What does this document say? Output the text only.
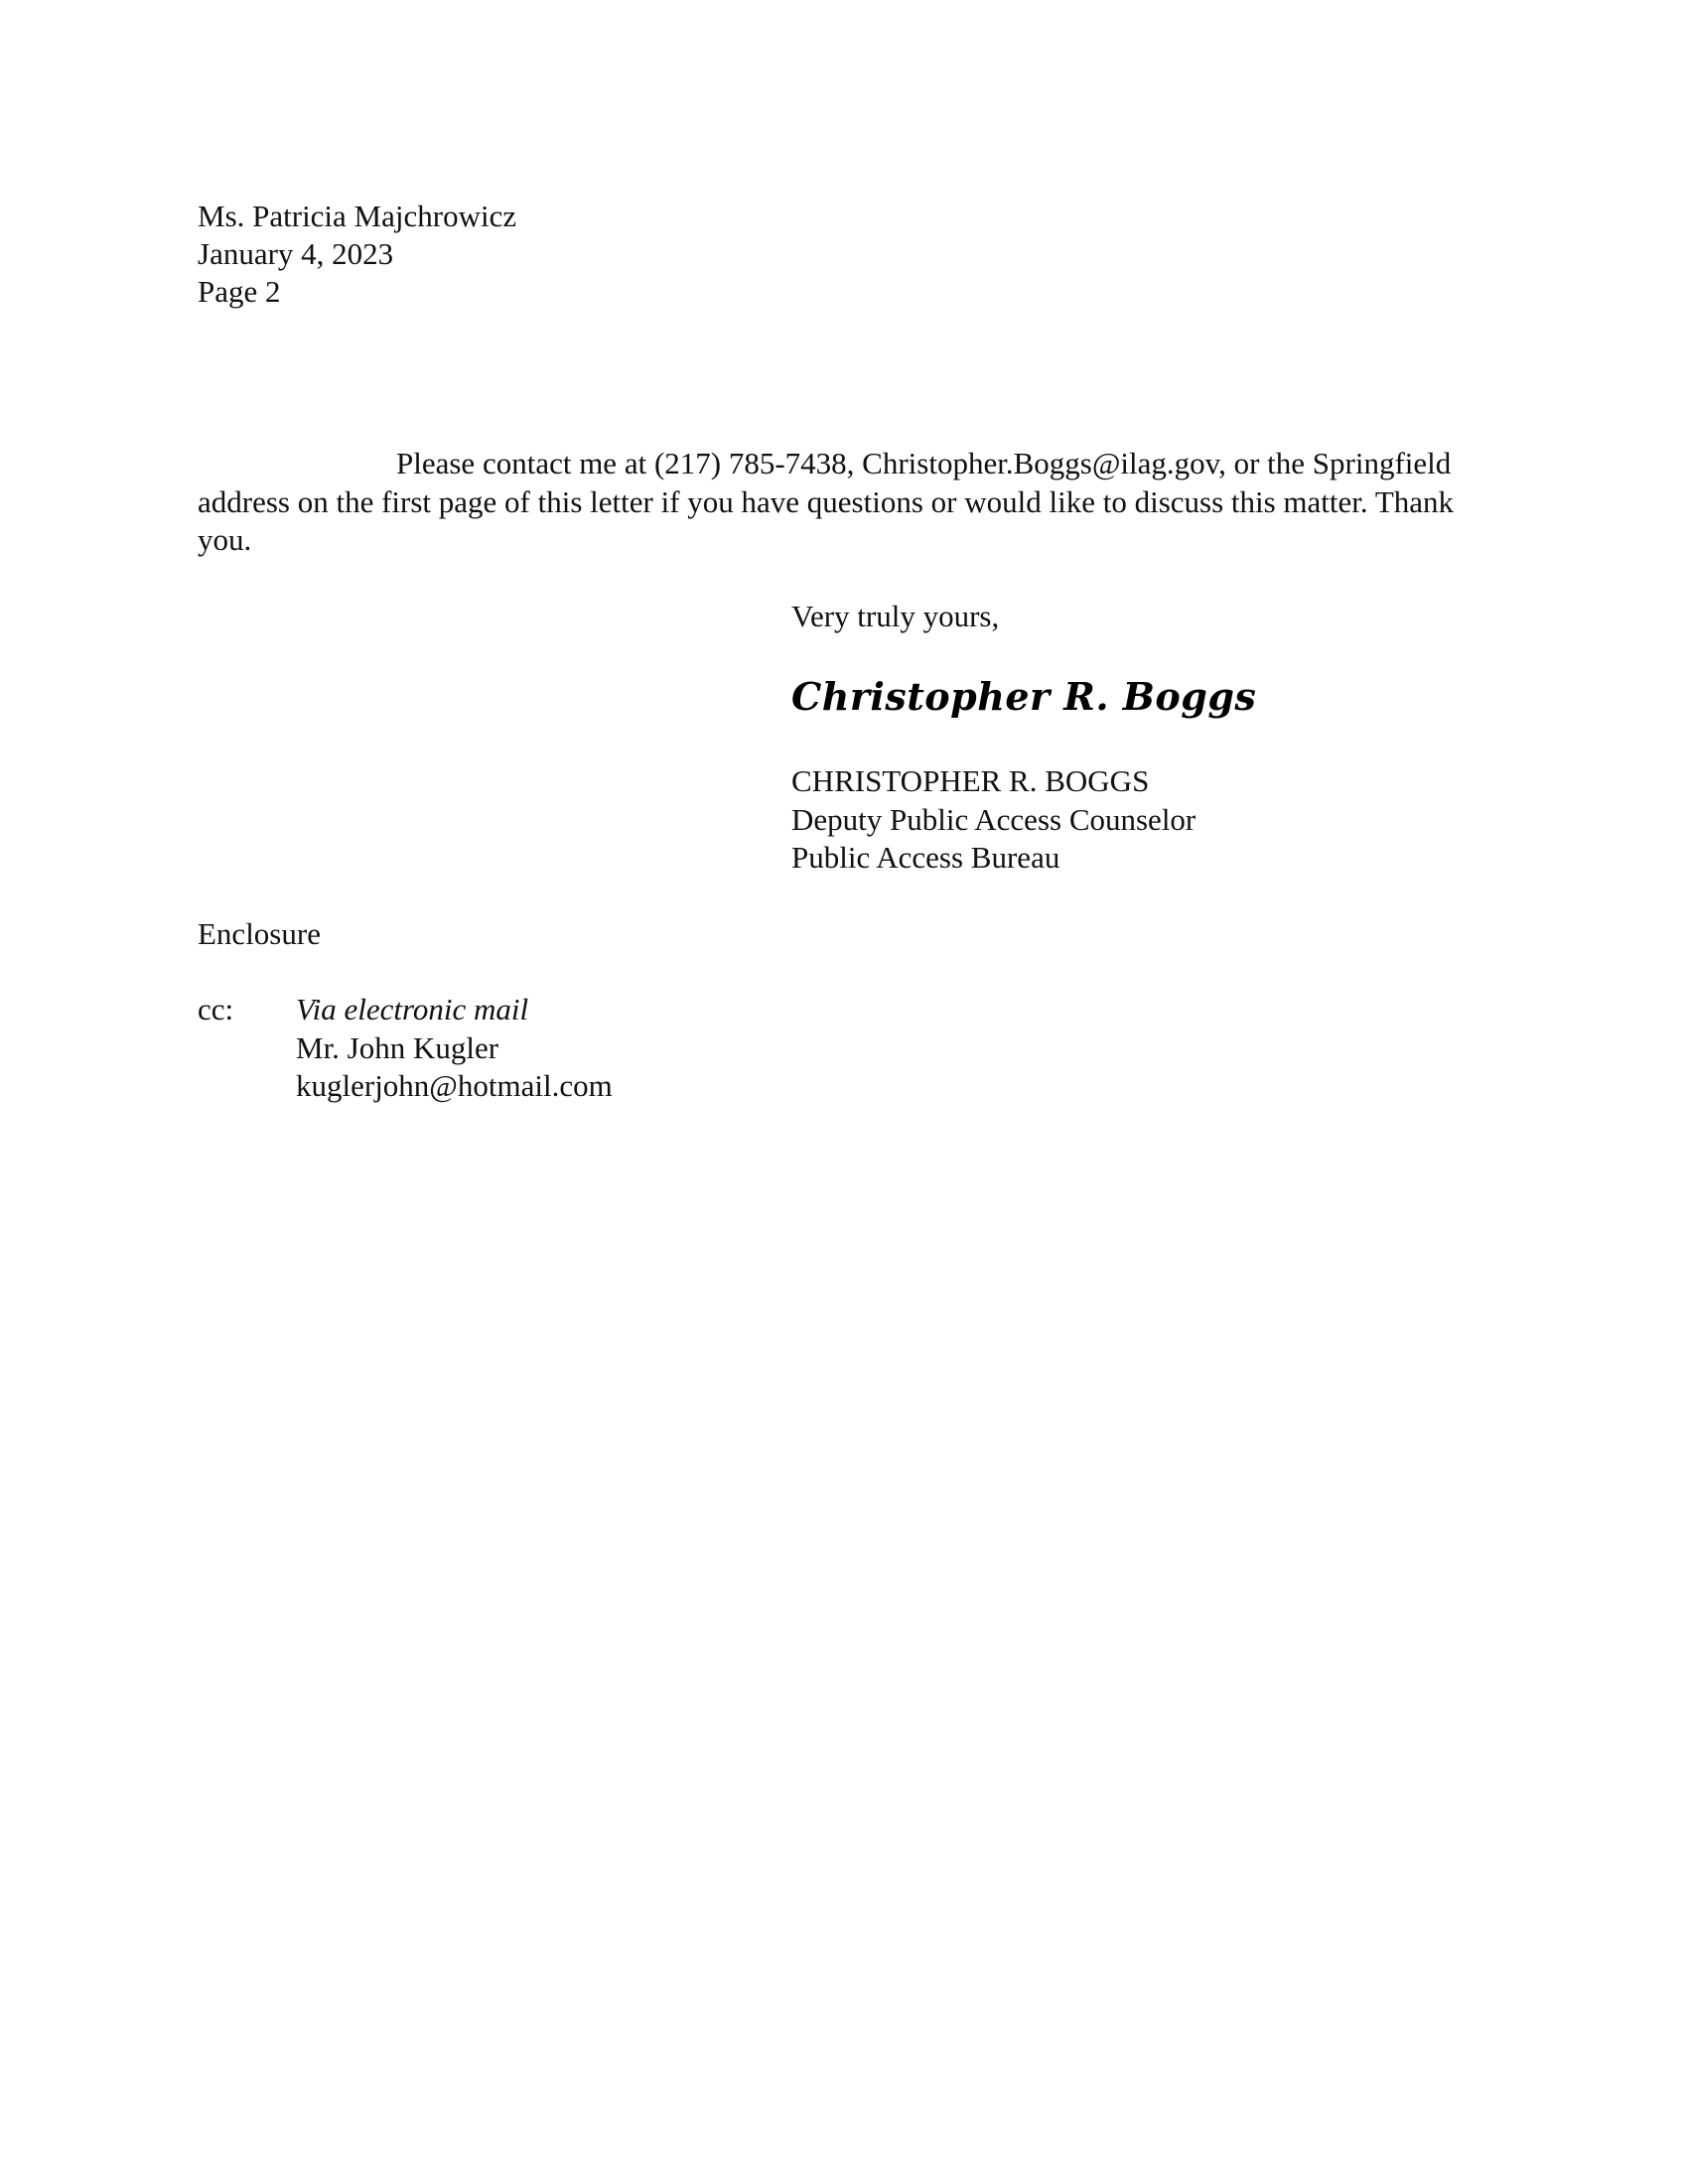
Ms. Patricia Majchrowicz
January 4, 2023
Page 2

Please contact me at (217) 785-7438, Christopher.Boggs@ilag.gov, or the Springfield address on the first page of this letter if you have questions or would like to discuss this matter. Thank you.

Very truly yours,
Christopher R. Boggs
CHRISTOPHER R. BOGGS
Deputy Public Access Counselor
Public Access Bureau
Enclosure
cc: Via electronic mail
Mr. John Kugler
kuglerjohn@hotmail.com
